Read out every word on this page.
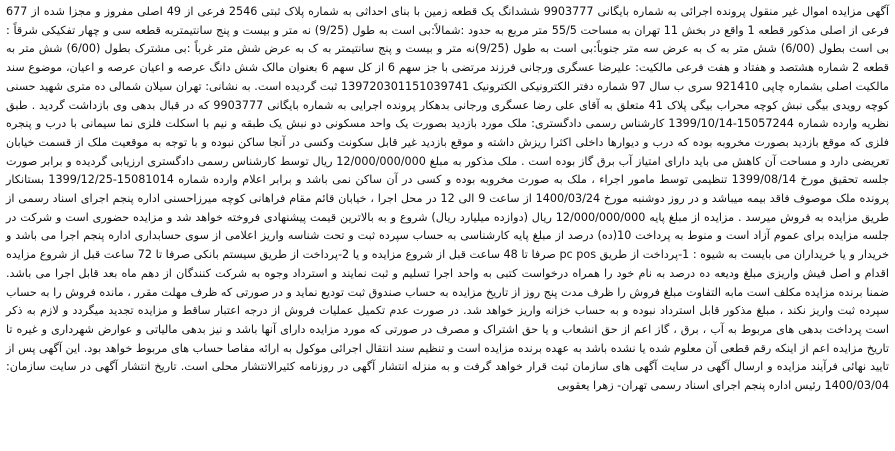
آگهی مزایده اموال غیر منقول پرونده اجرائی به شماره بایگانی 9903777 ششدانگ یک قطعه زمین با بنای احداثی به شماره پلاک ثبتی 2546 فرعی از 49 اصلی مفروز و مجزا شده از 677 فرعی از اصلی مذکور قطعه 1 واقع در بخش 11 تهران به مساحت 55/5 متر مربع به حدود :شمالاً:بی است به طول (9/25) نه متر و بیست و پنج سانتیمتربه قطعه سی و چهار تفکیکی شرقاً : بی است بطول (6/00) شش متر به ک به عرض سه متر جنوباً:بی است به طول (9/25)نه متر و بیست و پنج سانتیمتر به ک به عرض شش متر غرباً :بی مشترک بطول (6/00) شش متر به قطعه 2 شماره هشتصد و هفتاد و هفت فرعی مالکیت: علیرضا عسگری ورجانی فرزند مرتضی با جز سهم 6 از کل سهم 6 بعنوان مالک شش دانگ عرصه و اعیان عرصه و اعیان، موضوع سند مالکیت اصلی بشماره چاپی 921410 سری ب سال 97 شماره دفتر الکترونیکی الکترونیک 139720301151039741 ثبت گردیده است. به نشانی: تهران سیلان شمالی ده متری شهید حسنی کوچه رویدی بیگی نبش کوچه محراب بیگی پلاک 41 متعلق به آقای علی رضا عسگری ورجانی بدهکار پرونده اجرایی به شماره بایگانی 9903777 که در قبال بدهی وی بازداشت گردید . طبق نظریه وارده شماره 15057244-1399/10/14 کارشناس رسمی دادگستری: ملک مورد بازدید بصورت یک واحد مسکونی دو نبش یک طبقه و نیم با اسکلت فلزی نما سیمانی با درب و پنجره فلزی که موقع بازدید بصورت مخروبه بوده که درب و دیوارها داخلی اکثرا ریزش داشته و موقع بازدید غیر قابل سکونت وکسی در آنجا ساکن نبوده و با توجه به موقعیت ملک از قسمت خیابان تعریضی دارد و مساحت آن کاهش می باید دارای امتیاز آب برق گاز بوده است . ملک مذکور به مبلغ 12/000/000/000 ریال توسط کارشناس رسمی دادگستری ارزیابی گردیده و برابر صورت جلسه تحقیق مورخ 1399/08/14 تنظیمی توسط مامور اجراء ، ملک به صورت مخروبه بوده و کسی در آن ساکن نمی باشد و برابر اعلام وارده شماره 15081014-1399/12/25 بستانکار پرونده ملک موصوف فاقد بیمه میباشد و در روز دوشنبه مورخ 1400/03/24 از ساعت 9 الی 12 در محل اجرا ، خیابان قائم مقام فراهانی کوچه میرزاحسنی اداره پنجم اجرای اسناد رسمی از طریق مزایده به فروش میرسد . مزایده از مبلغ پایه 12/000/000/000 ریال (دوازده میلیارد ریال) شروع و به بالاترین قیمت پیشنهادی فروخته خواهد شد و مزایده حضوری است و شرکت در جلسه مزایده برای عموم آزاد است و منوط به پرداخت 10(ده) درصد از مبلغ پایه کارشناسی به حساب سپرده ثبت و تحت شناسه واریز اعلامی از سوی حسابداری اداره پنجم اجرا می باشد و خریدار و یا خریداران می بایست به شیوه : 1-پرداخت از طریق pc pos صرفا تا 48 ساعت قبل از شروع مزایده و یا 2-پرداخت از طریق سیستم بانکی صرفا تا 72 ساعت قبل از شروع مزایده اقدام و اصل فیش واریزی مبلغ ودیعه ده درصد به نام خود را همراه درخواست کتبی به واحد اجرا تسلیم و ثبت نمایند و استرداد وجوه به شرکت کنندگان از دهم ماه بعد قابل اجرا می باشد. ضمنا برنده مزایده مکلف است مابه التفاوت مبلغ فروش را ظرف مدت پنج روز از تاریخ مزایده به حساب صندوق ثبت تودیع نماید و در صورتی که ظرف مهلت مقرر ، مانده فروش را به حساب سپرده ثبت واریز نکند ، مبلغ مذکور قابل استرداد نبوده و به حساب خزانه واریز خواهد شد. در صورت عدم تکمیل عملیات فروش از درجه اعتبار ساقط و مزایده تجدید میگردد و لازم به ذکر است پرداخت بدهی های مربوط به آب ، برق ، گاز اعم از حق انشعاب و یا حق اشتراک و مصرف در صورتی که مورد مزایده دارای آنها باشد و نیز بدهی مالیاتی و عوارض شهرداری و غیره تا تاریخ مزایده اعم از اینکه رقم قطعی آن معلوم شده یا نشده باشد به عهده برنده مزایده است و تنظیم سند انتقال اجرائی موکول به ارائه مفاصا حساب های مربوط خواهد بود. این آگهی پس از تایید نهائی فرآیند مزایده و ارسال آگهی در سایت آگهی های سازمان ثبت قرار خواهد گرفت و به منزله انتشار آگهی در روزنامه کثیرالانتشار محلی است. تاریخ انتشار آگهی در سایت سازمان: 1400/03/04 رئیس اداره پنجم اجرای اسناد رسمی تهران- زهرا یعقوبی
